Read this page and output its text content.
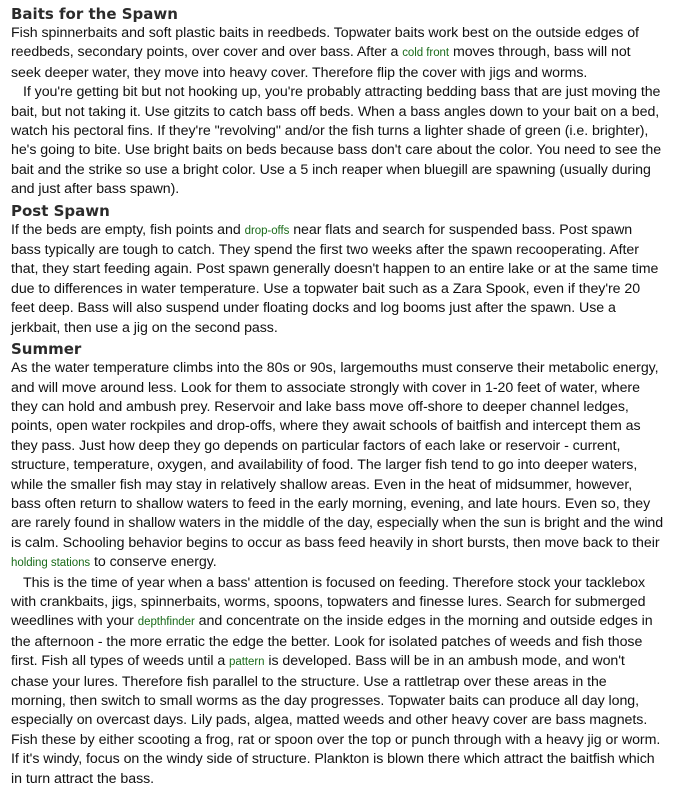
Baits for the Spawn

Fish spinnerbaits and soft plastic baits in reedbeds. Topwater baits work best on the outside edges of reedbeds, secondary points, over cover and over bass. After a cold front moves through, bass will not seek deeper water, they move into heavy cover. Therefore flip the cover with jigs and worms.

If you're getting bit but not hooking up, you're probably attracting bedding bass that are just moving the bait, but not taking it. Use gitzits to catch bass off beds. When a bass angles down to your bait on a bed, watch his pectoral fins. If they're "revolving" and/or the fish turns a lighter shade of green (i.e. brighter), he's going to bite. Use bright baits on beds because bass don't care about the color. You need to see the bait and the strike so use a bright color. Use a 5 inch reaper when bluegill are spawning (usually during and just after bass spawn).

Post Spawn

If the beds are empty, fish points and drop-offs near flats and search for suspended bass. Post spawn bass typically are tough to catch. They spend the first two weeks after the spawn recooperating. After that, they start feeding again. Post spawn generally doesn't happen to an entire lake or at the same time due to differences in water temperature. Use a topwater bait such as a Zara Spook, even if they're 20 feet deep. Bass will also suspend under floating docks and log booms just after the spawn. Use a jerkbait, then use a jig on the second pass.

Summer

As the water temperature climbs into the 80s or 90s, largemouths must conserve their metabolic energy, and will move around less. Look for them to associate strongly with cover in 1-20 feet of water, where they can hold and ambush prey. Reservoir and lake bass move off-shore to deeper channel ledges, points, open water rockpiles and drop-offs, where they await schools of baitfish and intercept them as they pass. Just how deep they go depends on particular factors of each lake or reservoir - current, structure, temperature, oxygen, and availability of food. The larger fish tend to go into deeper waters, while the smaller fish may stay in relatively shallow areas. Even in the heat of midsummer, however, bass often return to shallow waters to feed in the early morning, evening, and late hours. Even so, they are rarely found in shallow waters in the middle of the day, especially when the sun is bright and the wind is calm. Schooling behavior begins to occur as bass feed heavily in short bursts, then move back to their holding stations to conserve energy.

This is the time of year when a bass' attention is focused on feeding. Therefore stock your tacklebox with crankbaits, jigs, spinnerbaits, worms, spoons, topwaters and finesse lures. Search for submerged weedlines with your depthfinder and concentrate on the inside edges in the morning and outside edges in the afternoon - the more erratic the edge the better. Look for isolated patches of weeds and fish those first. Fish all types of weeds until a pattern is developed. Bass will be in an ambush mode, and won't chase your lures. Therefore fish parallel to the structure. Use a rattletrap over these areas in the morning, then switch to small worms as the day progresses. Topwater baits can produce all day long, especially on overcast days. Lily pads, algea, matted weeds and other heavy cover are bass magnets. Fish these by either scooting a frog, rat or spoon over the top or punch through with a heavy jig or worm. If it's windy, focus on the windy side of structure. Plankton is blown there which attract the baitfish which in turn attract the bass.
